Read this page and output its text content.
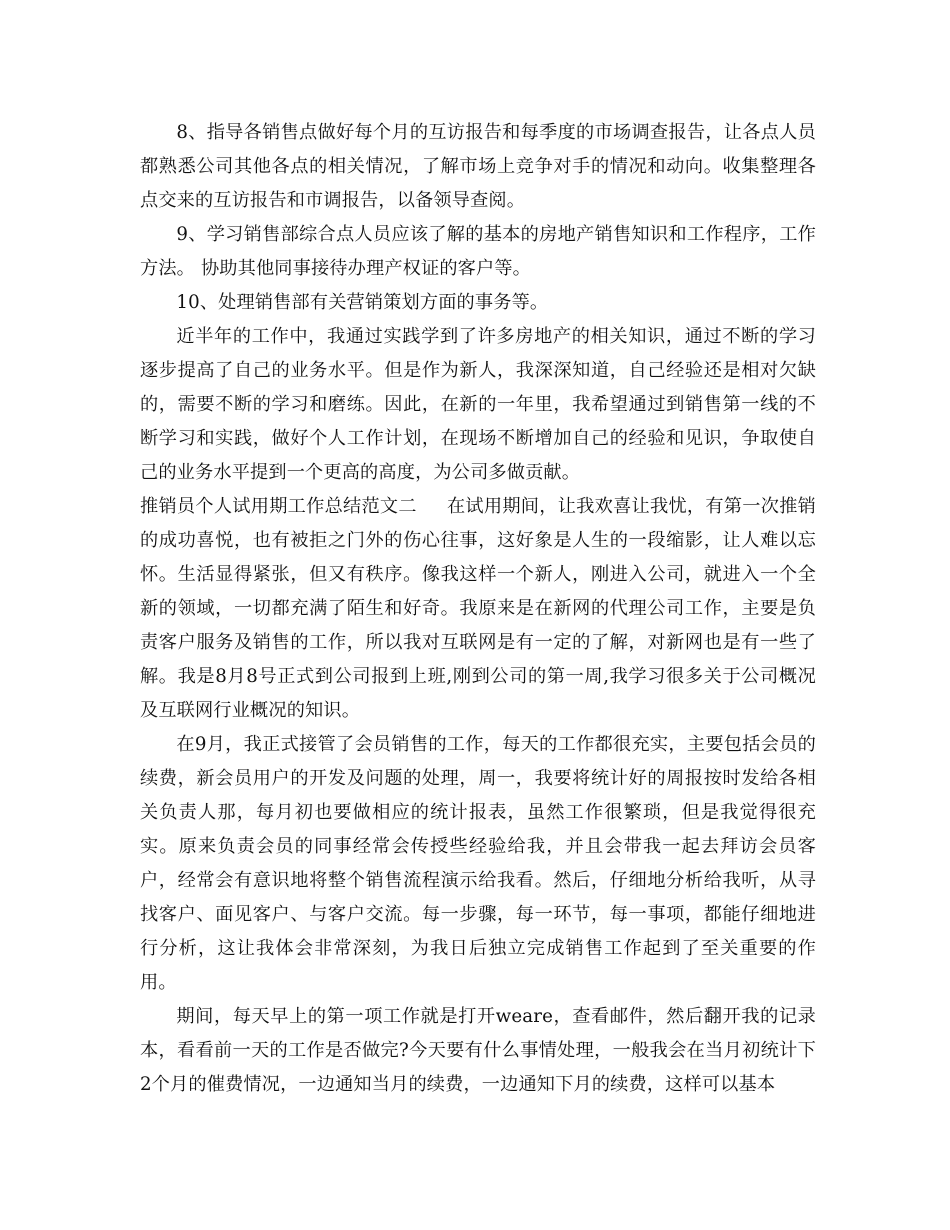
8、指导各销售点做好每个月的互访报告和每季度的市场调查报告，让各点人员都熟悉公司其他各点的相关情况，了解市场上竞争对手的情况和动向。收集整理各点交来的互访报告和市调报告，以备领导查阅。

9、学习销售部综合点人员应该了解的基本的房地产销售知识和工作程序，工作方法。 协助其他同事接待办理产权证的客户等。

10、处理销售部有关营销策划方面的事务等。

近半年的工作中，我通过实践学到了许多房地产的相关知识，通过不断的学习逐步提高了自己的业务水平。但是作为新人，我深深知道，自己经验还是相对欠缺的，需要不断的学习和磨练。因此，在新的一年里，我希望通过到销售第一线的不断学习和实践，做好个人工作计划，在现场不断增加自己的经验和见识，争取使自己的业务水平提到一个更高的高度，为公司多做贡献。

推销员个人试用期工作总结范文二 在试用期间，让我欢喜让我忧，有第一次推销的成功喜悦，也有被拒之门外的伤心往事，这好象是人生的一段缩影，让人难以忘怀。生活显得紧张，但又有秩序。像我这样一个新人，刚进入公司，就进入一个全新的领域，一切都充满了陌生和好奇。我原来是在新网的代理公司工作，主要是负责客户服务及销售的工作，所以我对互联网是有一定的了解，对新网也是有一些了解。我是8月8号正式到公司报到上班,刚到公司的第一周,我学习很多关于公司概况及互联网行业概况的知识。

在9月，我正式接管了会员销售的工作，每天的工作都很充实，主要包括会员的续费，新会员用户的开发及问题的处理，周一，我要将统计好的周报按时发给各相关负责人那，每月初也要做相应的统计报表，虽然工作很繁琐，但是我觉得很充实。原来负责会员的同事经常会传授些经验给我，并且会带我一起去拜访会员客户，经常会有意识地将整个销售流程演示给我看。然后，仔细地分析给我听，从寻找客户、面见客户、与客户交流。每一步骤，每一环节，每一事项，都能仔细地进行分析，这让我体会非常深刻，为我日后独立完成销售工作起到了至关重要的作用。

期间，每天早上的第一项工作就是打开weare，查看邮件，然后翻开我的记录本，看看前一天的工作是否做完?今天要有什么事情处理，一般我会在当月初统计下2个月的催费情况，一边通知当月的续费，一边通知下月的续费，这样可以基本
